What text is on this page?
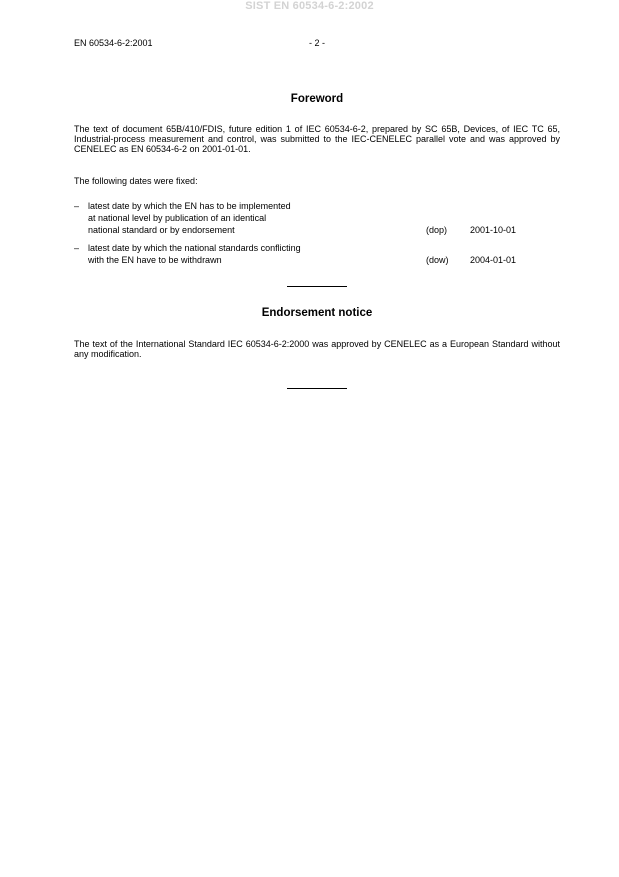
SIST EN 60534-6-2:2002
EN 60534-6-2:2001	- 2 -
Foreword
The text of document 65B/410/FDIS, future edition 1 of IEC 60534-6-2, prepared by SC 65B, Devices, of IEC TC 65, Industrial-process measurement and control, was submitted to the IEC-CENELEC parallel vote and was approved by CENELEC as EN 60534-6-2 on 2001-01-01.
The following dates were fixed:
– latest date by which the EN has to be implemented
at national level by publication of an identical
national standard or by endorsement	(dop)	2001-10-01
– latest date by which the national standards conflicting
with the EN have to be withdrawn	(dow) 2004-01-01
Endorsement notice
The text of the International Standard IEC 60534-6-2:2000 was approved by CENELEC as a European Standard without any modification.
